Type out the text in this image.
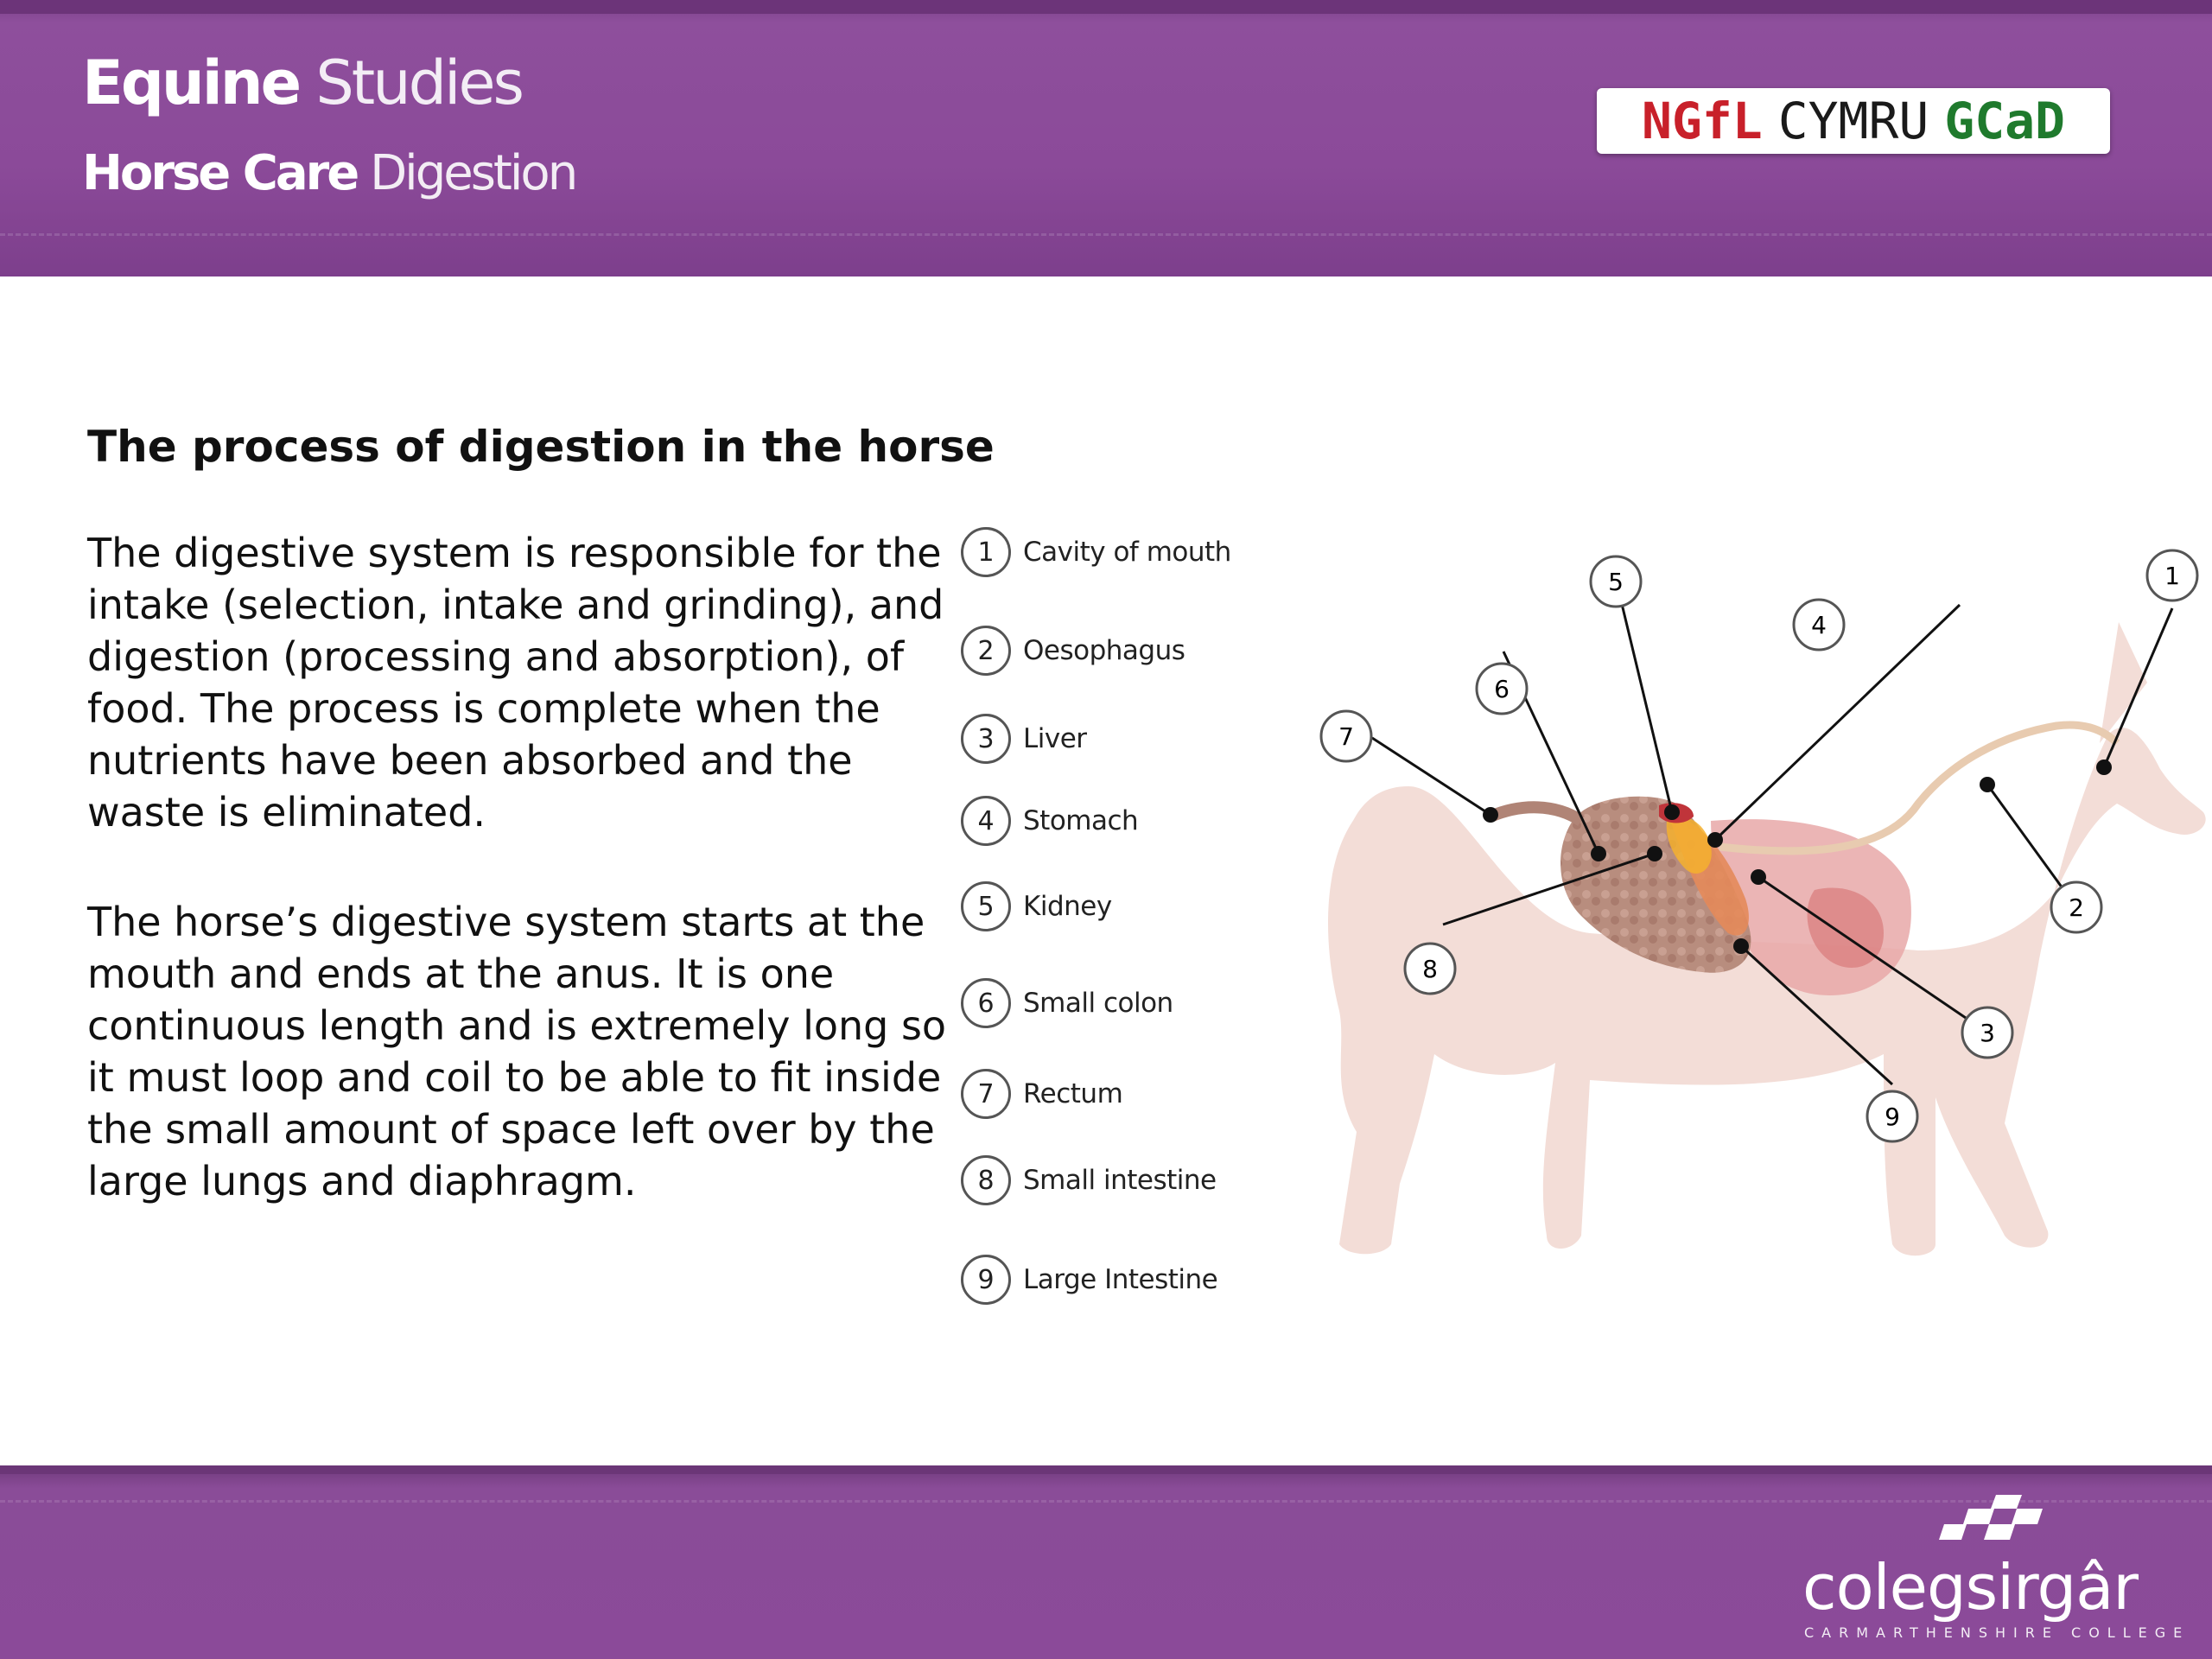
Equine Studies
Horse Care Digestion
NGfL CYMRU GCaD
The process of digestion in the horse

The digestive system is responsible for the intake (selection, intake and grinding), and digestion (processing and absorption), of food. The process is complete when the nutrients have been absorbed and the waste is eliminated.

The horse’s digestive system starts at the mouth and ends at the anus. It is one continuous length and is extremely long so it must loop and coil to be able to fit inside the small amount of space left over by the large lungs and diaphragm.

1	Cavity of mouth
2	Oesophagus
3	Liver
4	Stomach
5	Kidney
6	Small colon
7	Rectum
8	Small intestine
9	Large Intestine
1
2
3
4
5
6
7
8
9
colegsirgâr
CARMARTHENSHIRE COLLEGE
